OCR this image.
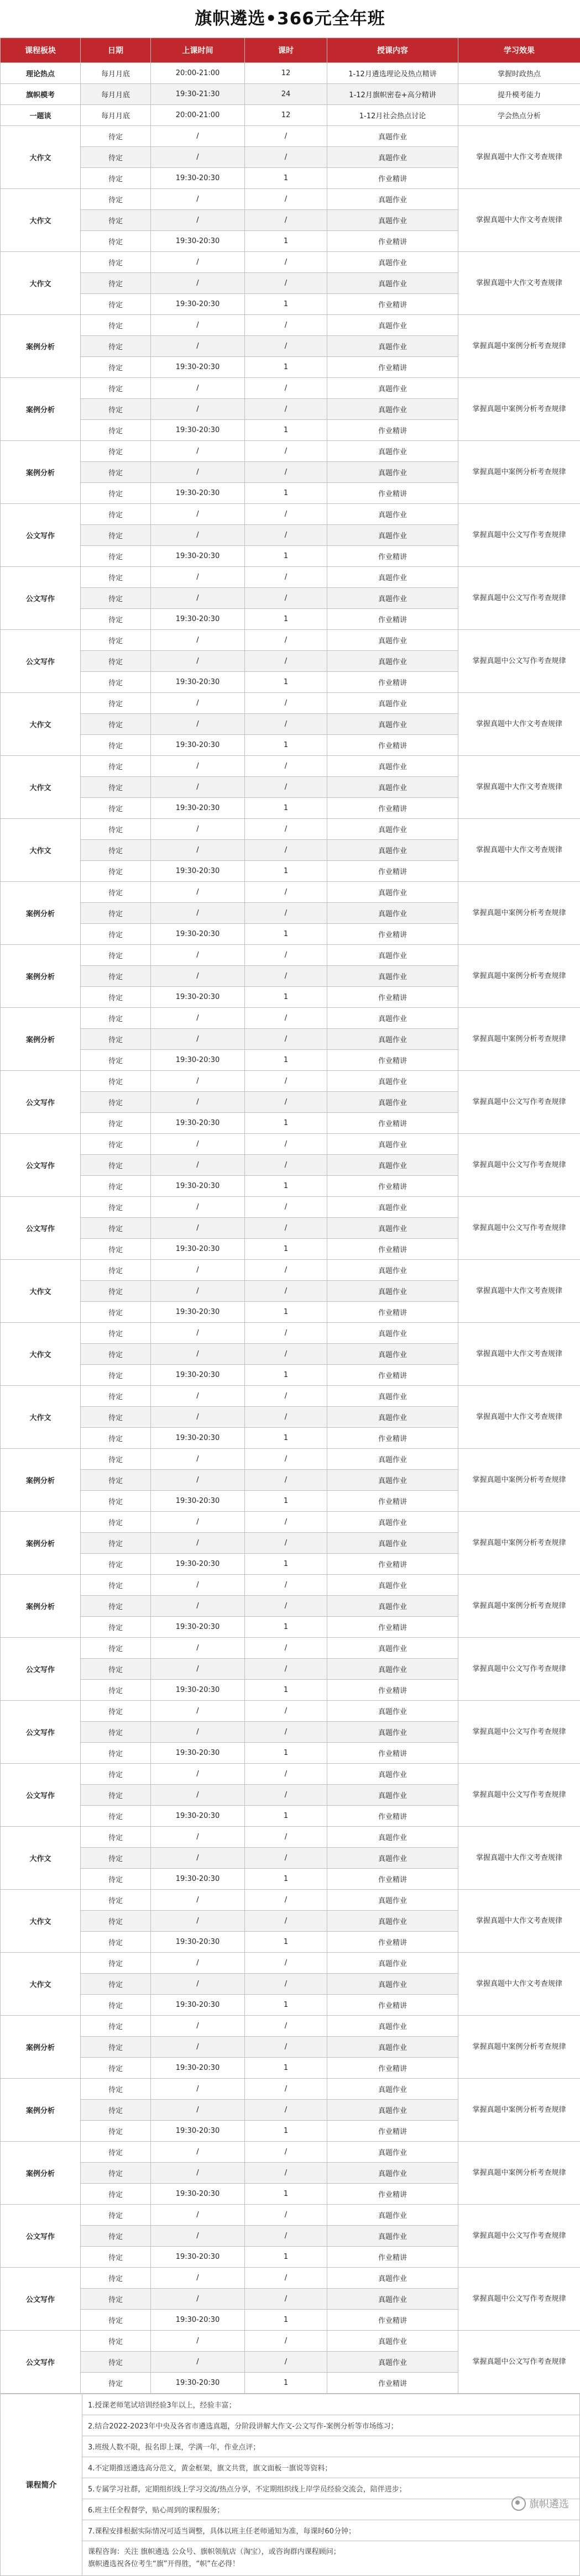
旗帜遴选•366元全年班
课程板块	日期	上课时间	课时	授课内容	学习效果
理论热点	每月月底	20:00-21:00	12	1-12月遴选理论及热点精讲	掌握时政热点
旗帜模考	每月月底	19:30-21:30	24	1-12月旗帜密卷+高分精讲	提升模考能力
一题谈	每月月底	20:00-21:00	12	1-12月社会热点讨论	学会热点分析
大作文	待定	/	/	真题作业	掌握真题中大作文考查规律
	待定	/	/	真题作业	
	待定	19:30-20:30	1	作业精讲	
大作文	待定	/	/	真题作业	掌握真题中大作文考查规律
	待定	/	/	真题作业	
	待定	19:30-20:30	1	作业精讲	
大作文	待定	/	/	真题作业	掌握真题中大作文考查规律
	待定	/	/	真题作业	
	待定	19:30-20:30	1	作业精讲	
案例分析	待定	/	/	真题作业	掌握真题中案例分析考查规律
	待定	/	/	真题作业	
	待定	19:30-20:30	1	作业精讲	
案例分析	待定	/	/	真题作业	掌握真题中案例分析考查规律
	待定	/	/	真题作业	
	待定	19:30-20:30	1	作业精讲	
案例分析	待定	/	/	真题作业	掌握真题中案例分析考查规律
	待定	/	/	真题作业	
	待定	19:30-20:30	1	作业精讲	
公文写作	待定	/	/	真题作业	掌握真题中公文写作考查规律
	待定	/	/	真题作业	
	待定	19:30-20:30	1	作业精讲	
公文写作	待定	/	/	真题作业	掌握真题中公文写作考查规律
	待定	/	/	真题作业	
	待定	19:30-20:30	1	作业精讲	
公文写作	待定	/	/	真题作业	掌握真题中公文写作考查规律
	待定	/	/	真题作业	
	待定	19:30-20:30	1	作业精讲	
大作文	待定	/	/	真题作业	掌握真题中大作文考查规律
	待定	/	/	真题作业	
	待定	19:30-20:30	1	作业精讲	
大作文	待定	/	/	真题作业	掌握真题中大作文考查规律
	待定	/	/	真题作业	
	待定	19:30-20:30	1	作业精讲	
大作文	待定	/	/	真题作业	掌握真题中大作文考查规律
	待定	/	/	真题作业	
	待定	19:30-20:30	1	作业精讲	
案例分析	待定	/	/	真题作业	掌握真题中案例分析考查规律
	待定	/	/	真题作业	
	待定	19:30-20:30	1	作业精讲	
案例分析	待定	/	/	真题作业	掌握真题中案例分析考查规律
	待定	/	/	真题作业	
	待定	19:30-20:30	1	作业精讲	
案例分析	待定	/	/	真题作业	掌握真题中案例分析考查规律
	待定	/	/	真题作业	
	待定	19:30-20:30	1	作业精讲	
公文写作	待定	/	/	真题作业	掌握真题中公文写作考查规律
	待定	/	/	真题作业	
	待定	19:30-20:30	1	作业精讲	
公文写作	待定	/	/	真题作业	掌握真题中公文写作考查规律
	待定	/	/	真题作业	
	待定	19:30-20:30	1	作业精讲	
公文写作	待定	/	/	真题作业	掌握真题中公文写作考查规律
	待定	/	/	真题作业	
	待定	19:30-20:30	1	作业精讲	
大作文	待定	/	/	真题作业	掌握真题中大作文考查规律
	待定	/	/	真题作业	
	待定	19:30-20:30	1	作业精讲	
大作文	待定	/	/	真题作业	掌握真题中大作文考查规律
	待定	/	/	真题作业	
	待定	19:30-20:30	1	作业精讲	
大作文	待定	/	/	真题作业	掌握真题中大作文考查规律
	待定	/	/	真题作业	
	待定	19:30-20:30	1	作业精讲	
案例分析	待定	/	/	真题作业	掌握真题中案例分析考查规律
	待定	/	/	真题作业	
	待定	19:30-20:30	1	作业精讲	
案例分析	待定	/	/	真题作业	掌握真题中案例分析考查规律
	待定	/	/	真题作业	
	待定	19:30-20:30	1	作业精讲	
案例分析	待定	/	/	真题作业	掌握真题中案例分析考查规律
	待定	/	/	真题作业	
	待定	19:30-20:30	1	作业精讲	
公文写作	待定	/	/	真题作业	掌握真题中公文写作考查规律
	待定	/	/	真题作业	
	待定	19:30-20:30	1	作业精讲	
公文写作	待定	/	/	真题作业	掌握真题中公文写作考查规律
	待定	/	/	真题作业	
	待定	19:30-20:30	1	作业精讲	
公文写作	待定	/	/	真题作业	掌握真题中公文写作考查规律
	待定	/	/	真题作业	
	待定	19:30-20:30	1	作业精讲	
大作文	待定	/	/	真题作业	掌握真题中大作文考查规律
	待定	/	/	真题作业	
	待定	19:30-20:30	1	作业精讲	
大作文	待定	/	/	真题作业	掌握真题中大作文考查规律
	待定	/	/	真题作业	
	待定	19:30-20:30	1	作业精讲	
大作文	待定	/	/	真题作业	掌握真题中大作文考查规律
	待定	/	/	真题作业	
	待定	19:30-20:30	1	作业精讲	
案例分析	待定	/	/	真题作业	掌握真题中案例分析考查规律
	待定	/	/	真题作业	
	待定	19:30-20:30	1	作业精讲	
案例分析	待定	/	/	真题作业	掌握真题中案例分析考查规律
	待定	/	/	真题作业	
	待定	19:30-20:30	1	作业精讲	
案例分析	待定	/	/	真题作业	掌握真题中案例分析考查规律
	待定	/	/	真题作业	
	待定	19:30-20:30	1	作业精讲	
公文写作	待定	/	/	真题作业	掌握真题中公文写作考查规律
	待定	/	/	真题作业	
	待定	19:30-20:30	1	作业精讲	
公文写作	待定	/	/	真题作业	掌握真题中公文写作考查规律
	待定	/	/	真题作业	
	待定	19:30-20:30	1	作业精讲	
公文写作	待定	/	/	真题作业	掌握真题中公文写作考查规律
	待定	/	/	真题作业	
	待定	19:30-20:30	1	作业精讲	
课程简介	
1.授课老师笔试培训经验3年以上，经验丰富；

2.结合2022-2023年中央及各省市遴选真题，分阶段讲解大作文-公文写作-案例分析等市场练习；

3.班级人数不限，报名即上课，学满一年，作业点评；

4.不定期推送遴选高分范文，黄金框架，旗文共赏，旗文面板一旗说等资料；

5.专属学习社群，定期组织线上学习交流/热点分享，不定期组织线上岸学员经验交流会，陪伴进步；

6.班主任全程督学，贴心周到的课程服务；

7.课程安排根据实际情况可适当调整，具体以班主任老师通知为准，每课时60分钟；

课程咨询：关注 旗帜遴选 公众号、旗帜领航店（淘宝），或咨询群内课程顾问；
旗帜遴选祝各位考生“旗”开得胜，“帜”在必得！
旗帜遴选
